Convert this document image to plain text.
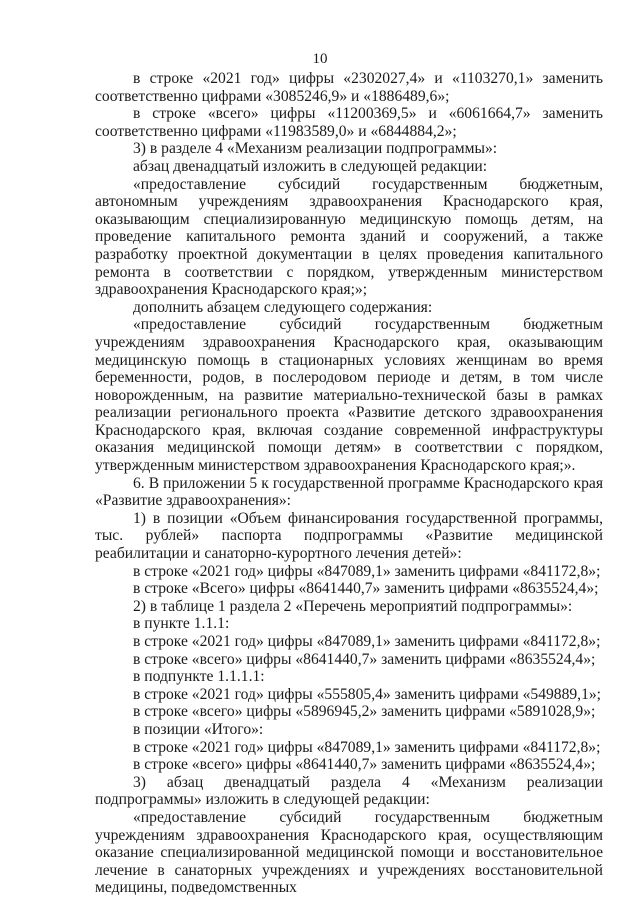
10

в строке «2021 год» цифры «2302027,4» и «1103270,1» заменить соответственно цифрами «3085246,9» и «1886489,6»;

в строке «всего» цифры «11200369,5» и «6061664,7» заменить соответственно цифрами «11983589,0» и «6844884,2»;

3) в разделе 4 «Механизм реализации подпрограммы»:

абзац двенадцатый изложить в следующей редакции:

«предоставление субсидий государственным бюджетным, автономным учреждениям здравоохранения Краснодарского края, оказывающим специализированную медицинскую помощь детям, на проведение капитального ремонта зданий и сооружений, а также разработку проектной документации в целях проведения капитального ремонта в соответствии с порядком, утвержденным министерством здравоохранения Краснодарского края;»;

дополнить абзацем следующего содержания:

«предоставление субсидий государственным бюджетным учреждениям здравоохранения Краснодарского края, оказывающим медицинскую помощь в стационарных условиях женщинам во время беременности, родов, в послеродовом периоде и детям, в том числе новорожденным, на развитие материально-технической базы в рамках реализации регионального проекта «Развитие детского здравоохранения Краснодарского края, включая создание современной инфраструктуры оказания медицинской помощи детям» в соответствии с порядком, утвержденным министерством здравоохранения Краснодарского края;».

6. В приложении 5 к государственной программе Краснодарского края «Развитие здравоохранения»:

1) в позиции «Объем финансирования государственной программы, тыс. рублей» паспорта подпрограммы «Развитие медицинской реабилитации и санаторно-курортного лечения детей»:

в строке «2021 год» цифры «847089,1» заменить цифрами «841172,8»;

в строке «Всего» цифры «8641440,7» заменить цифрами «8635524,4»;

2) в таблице 1 раздела 2 «Перечень мероприятий подпрограммы»:

в пункте 1.1.1:

в строке «2021 год» цифры «847089,1» заменить цифрами «841172,8»;

в строке «всего» цифры «8641440,7» заменить цифрами «8635524,4»;

в подпункте 1.1.1.1:

в строке «2021 год» цифры «555805,4» заменить цифрами «549889,1»;

в строке «всего» цифры «5896945,2» заменить цифрами «5891028,9»;

в позиции «Итого»:

в строке «2021 год» цифры «847089,1» заменить цифрами «841172,8»;

в строке «всего» цифры «8641440,7» заменить цифрами «8635524,4»;

3) абзац двенадцатый раздела 4 «Механизм реализации подпрограммы» изложить в следующей редакции:

«предоставление субсидий государственным бюджетным учреждениям здравоохранения Краснодарского края, осуществляющим оказание специализированной медицинской помощи и восстановительное лечение в санаторных учреждениях и учреждениях восстановительной медицины, подведомственных
